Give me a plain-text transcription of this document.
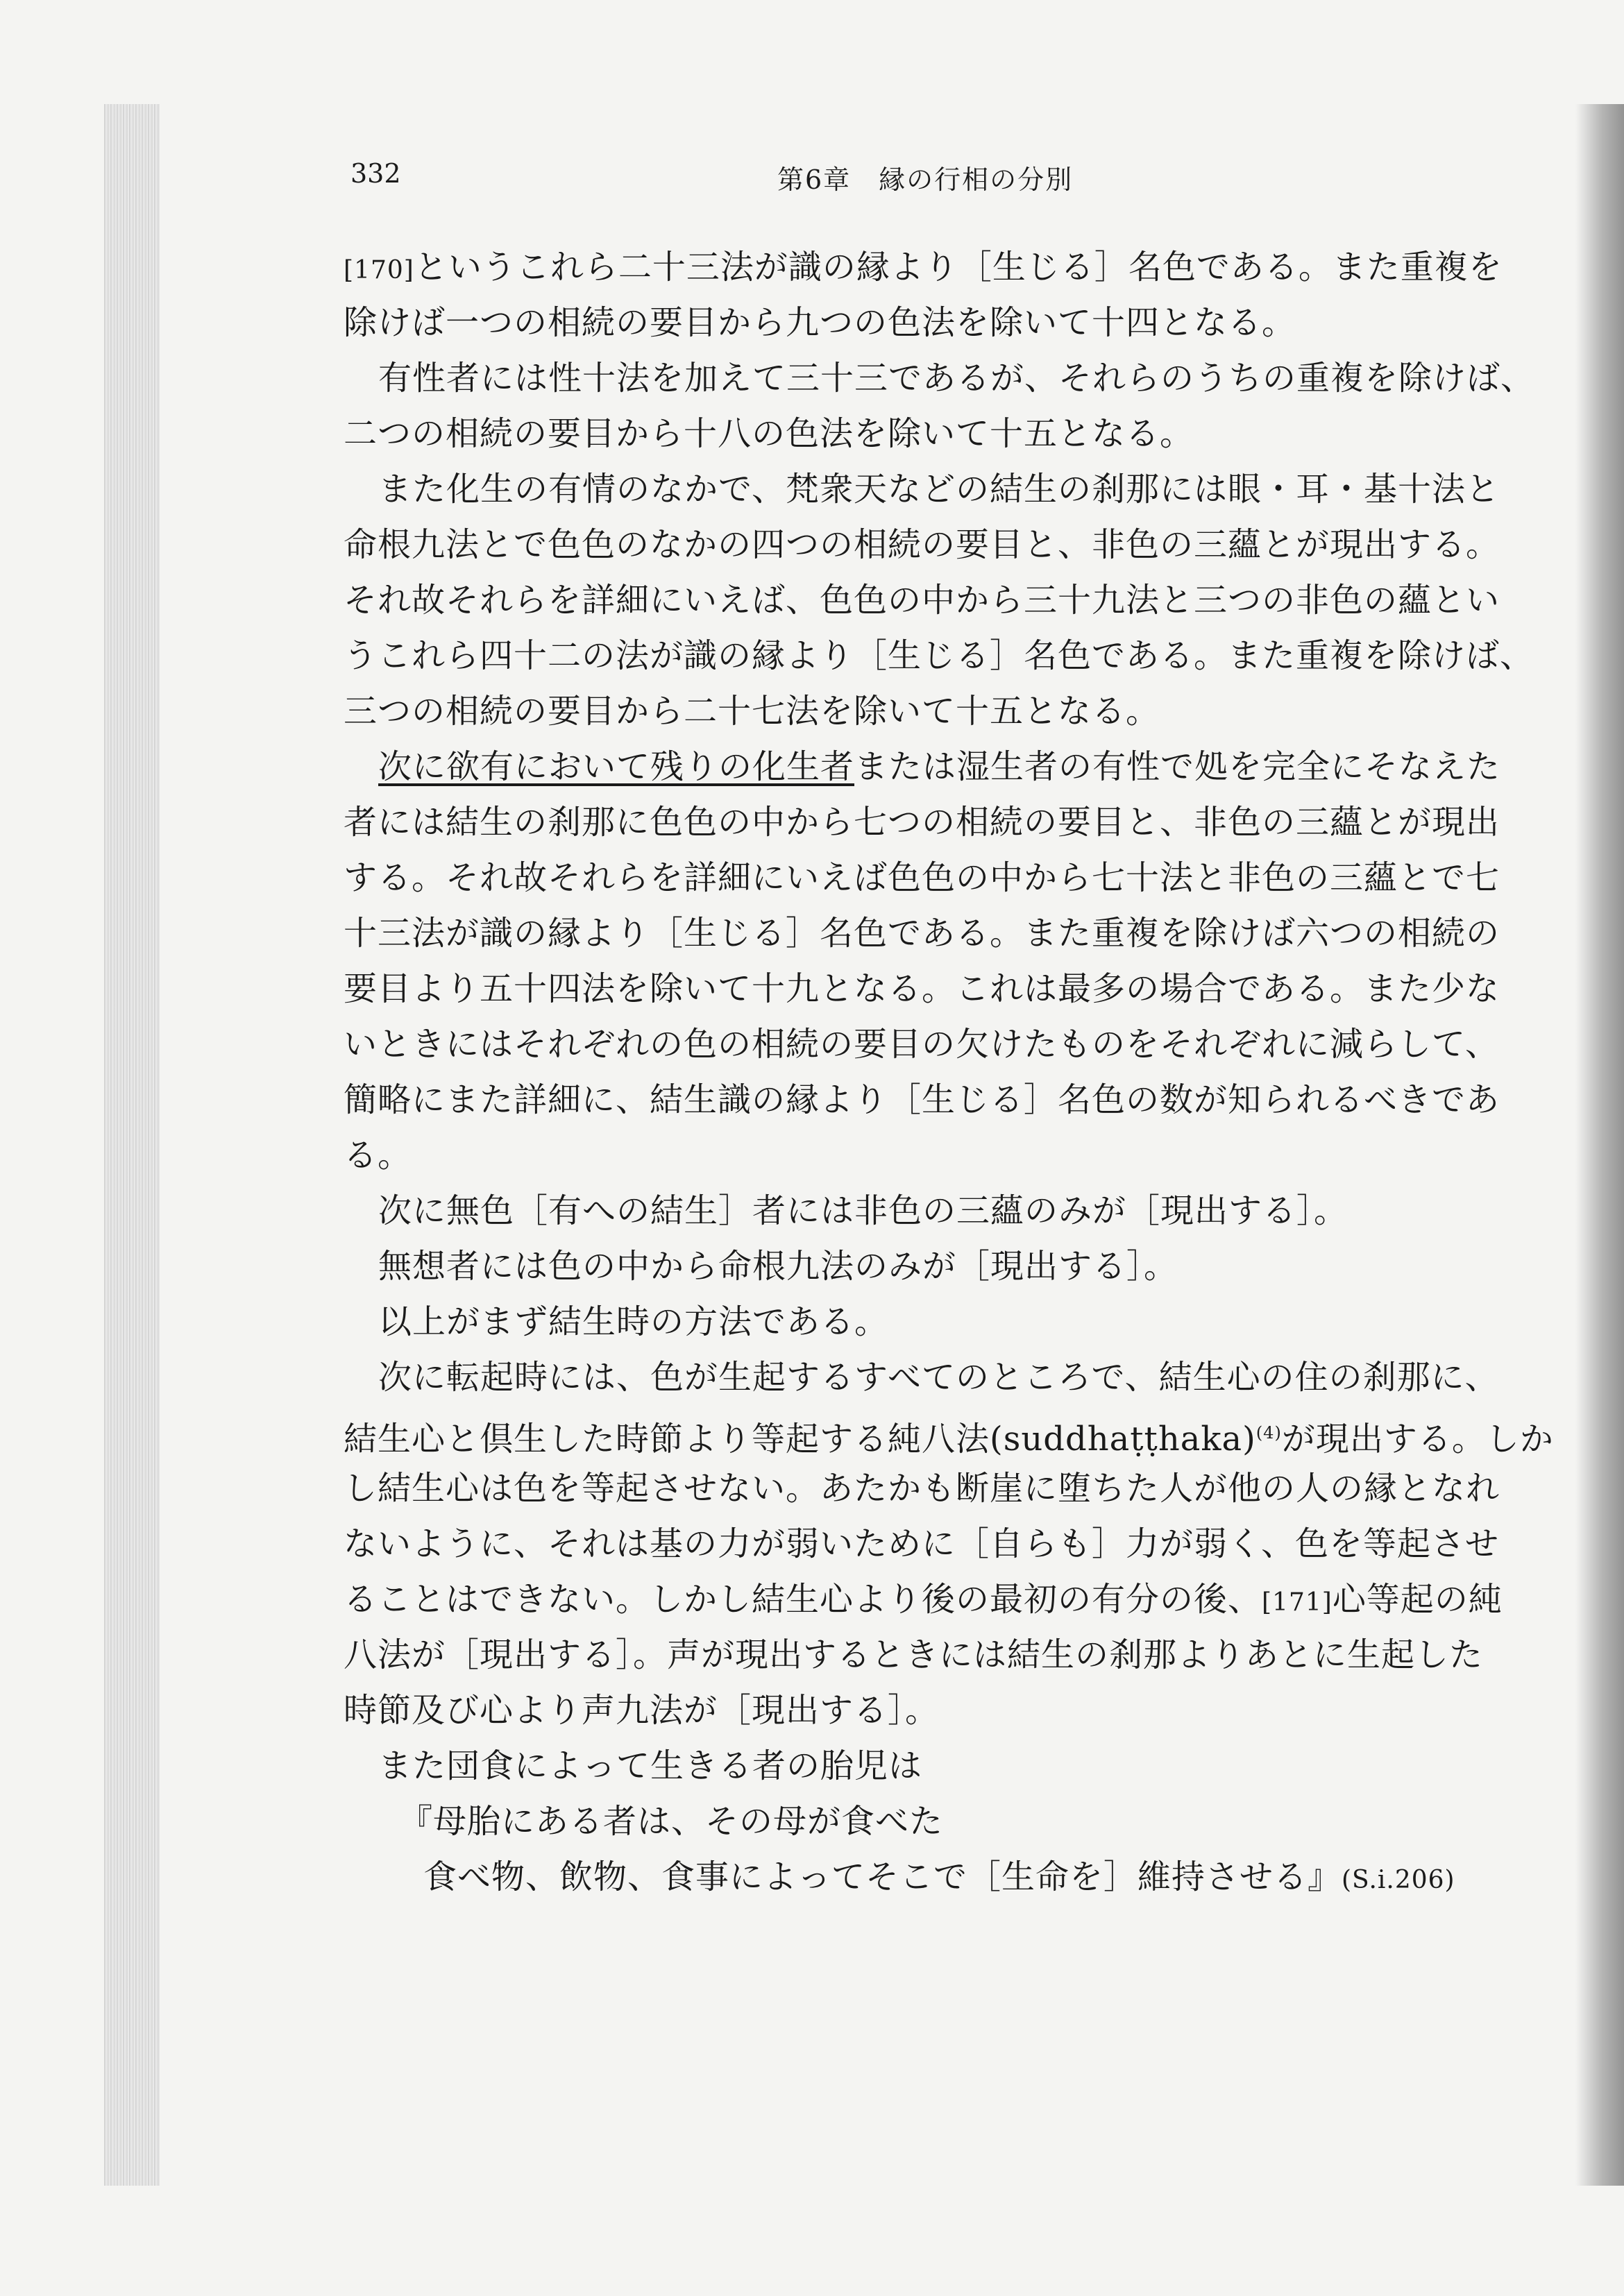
332	第6章　縁の行相の分別
[170]というこれら二十三法が識の縁より［生じる］名色である。また重複を
除けば一つの相続の要目から九つの色法を除いて十四となる。
有性者には性十法を加えて三十三であるが、それらのうちの重複を除けば、
二つの相続の要目から十八の色法を除いて十五となる。
また化生の有情のなかで、梵衆天などの結生の刹那には眼・耳・基十法と
命根九法とで色色のなかの四つの相続の要目と、非色の三蘊とが現出する。
それ故それらを詳細にいえば、色色の中から三十九法と三つの非色の蘊とい
うこれら四十二の法が識の縁より［生じる］名色である。また重複を除けば、
三つの相続の要目から二十七法を除いて十五となる。
次に欲有において残りの化生者または湿生者の有性で処を完全にそなえた
者には結生の刹那に色色の中から七つの相続の要目と、非色の三蘊とが現出
する。それ故それらを詳細にいえば色色の中から七十法と非色の三蘊とで七
十三法が識の縁より［生じる］名色である。また重複を除けば六つの相続の
要目より五十四法を除いて十九となる。これは最多の場合である。また少な
いときにはそれぞれの色の相続の要目の欠けたものをそれぞれに減らして、
簡略にまた詳細に、結生識の縁より［生じる］名色の数が知られるべきであ
る。
次に無色［有への結生］者には非色の三蘊のみが［現出する］。
無想者には色の中から命根九法のみが［現出する］。
以上がまず結生時の方法である。
次に転起時には、色が生起するすべてのところで、結生心の住の刹那に、
結生心と倶生した時節より等起する純八法(suddhaṭṭhaka)$^{(4)}$が現出する。しか
し結生心は色を等起させない。あたかも断崖に堕ちた人が他の人の縁となれ
ないように、それは基の力が弱いために［自らも］力が弱く、色を等起させ
ることはできない。しかし結生心より後の最初の有分の後、[171]心等起の純
八法が［現出する］。声が現出するときには結生の刹那よりあとに生起した
時節及び心より声九法が［現出する］。
また団食によって生きる者の胎児は
『母胎にある者は、その母が食べた
食べ物、飲物、食事によってそこで［生命を］維持させる』(S.i.206)
